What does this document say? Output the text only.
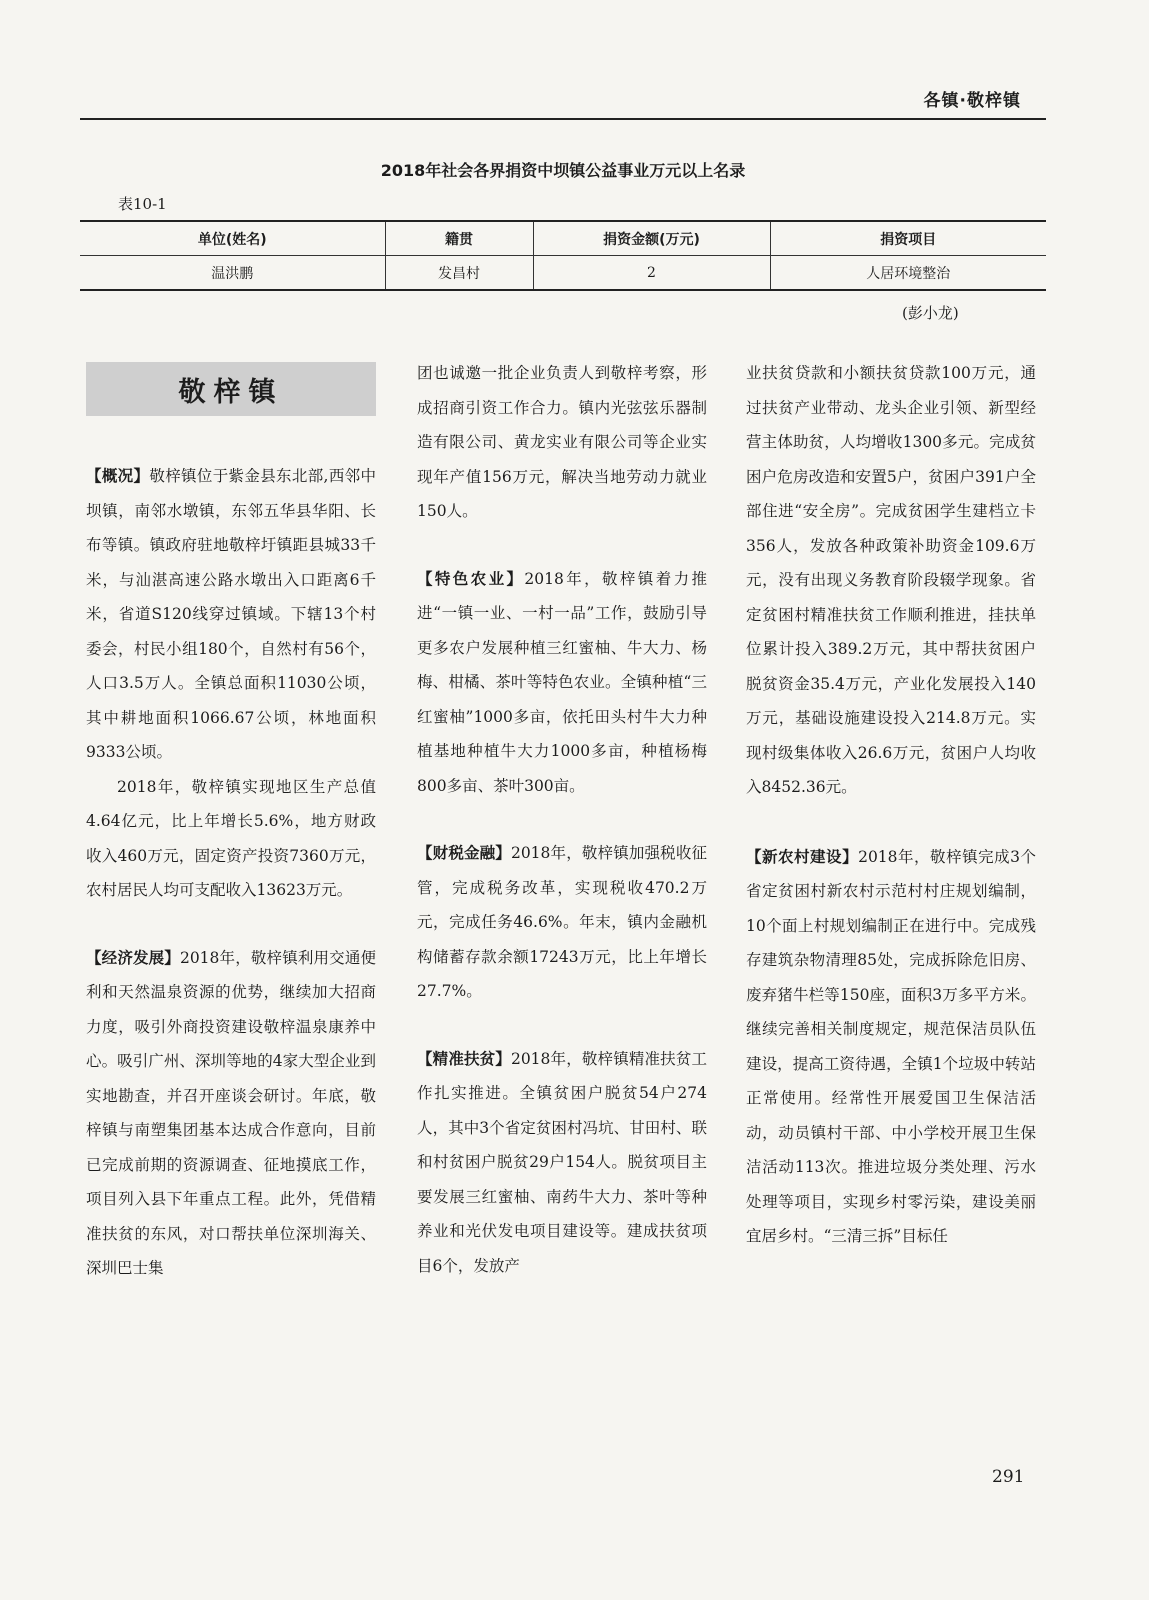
各镇·敬梓镇
2018年社会各界捐资中坝镇公益事业万元以上名录
表10-1
单位(姓名)	籍贯	捐资金额(万元)	捐资项目
温洪鹏	发昌村	2	人居环境整治
(彭小龙)
敬梓镇

【概况】敬梓镇位于紫金县东北部,西邻中坝镇，南邻水墩镇，东邻五华县华阳、长布等镇。镇政府驻地敬梓圩镇距县城33千米，与汕湛高速公路水墩出入口距离6千米，省道S120线穿过镇域。下辖13个村委会，村民小组180个，自然村有56个，人口3.5万人。全镇总面积11030公顷，其中耕地面积1066.67公顷，林地面积9333公顷。

2018年，敬梓镇实现地区生产总值4.64亿元，比上年增长5.6%，地方财政收入460万元，固定资产投资7360万元，农村居民人均可支配收入13623万元。

【经济发展】2018年，敬梓镇利用交通便利和天然温泉资源的优势，继续加大招商力度，吸引外商投资建设敬梓温泉康养中心。吸引广州、深圳等地的4家大型企业到实地勘查，并召开座谈会研讨。年底，敬梓镇与南塑集团基本达成合作意向，目前已完成前期的资源调查、征地摸底工作，项目列入县下年重点工程。此外，凭借精准扶贫的东风，对口帮扶单位深圳海关、深圳巴士集

团也诚邀一批企业负责人到敬梓考察，形成招商引资工作合力。镇内光弦弦乐器制造有限公司、黄龙实业有限公司等企业实现年产值156万元，解决当地劳动力就业150人。

【特色农业】2018年，敬梓镇着力推进“一镇一业、一村一品”工作，鼓励引导更多农户发展种植三红蜜柚、牛大力、杨梅、柑橘、茶叶等特色农业。全镇种植“三红蜜柚”1000多亩，依托田头村牛大力种植基地种植牛大力1000多亩，种植杨梅800多亩、茶叶300亩。

【财税金融】2018年，敬梓镇加强税收征管，完成税务改革，实现税收470.2万元，完成任务46.6%。年末，镇内金融机构储蓄存款余额17243万元，比上年增长27.7%。

【精准扶贫】2018年，敬梓镇精准扶贫工作扎实推进。全镇贫困户脱贫54户274人，其中3个省定贫困村冯坑、甘田村、联和村贫困户脱贫29户154人。脱贫项目主要发展三红蜜柚、南药牛大力、茶叶等种养业和光伏发电项目建设等。建成扶贫项目6个，发放产

业扶贫贷款和小额扶贫贷款100万元，通过扶贫产业带动、龙头企业引领、新型经营主体助贫，人均增收1300多元。完成贫困户危房改造和安置5户，贫困户391户全部住进“安全房”。完成贫困学生建档立卡356人，发放各种政策补助资金109.6万元，没有出现义务教育阶段辍学现象。省定贫困村精准扶贫工作顺利推进，挂扶单位累计投入389.2万元，其中帮扶贫困户脱贫资金35.4万元，产业化发展投入140万元，基础设施建设投入214.8万元。实现村级集体收入26.6万元，贫困户人均收入8452.36元。

【新农村建设】2018年，敬梓镇完成3个省定贫困村新农村示范村村庄规划编制，10个面上村规划编制正在进行中。完成残存建筑杂物清理85处，完成拆除危旧房、废弃猪牛栏等150座，面积3万多平方米。继续完善相关制度规定，规范保洁员队伍建设，提高工资待遇，全镇1个垃圾中转站正常使用。经常性开展爱国卫生保洁活动，动员镇村干部、中小学校开展卫生保洁活动113次。推进垃圾分类处理、污水处理等项目，实现乡村零污染，建设美丽宜居乡村。“三清三拆”目标任

291
